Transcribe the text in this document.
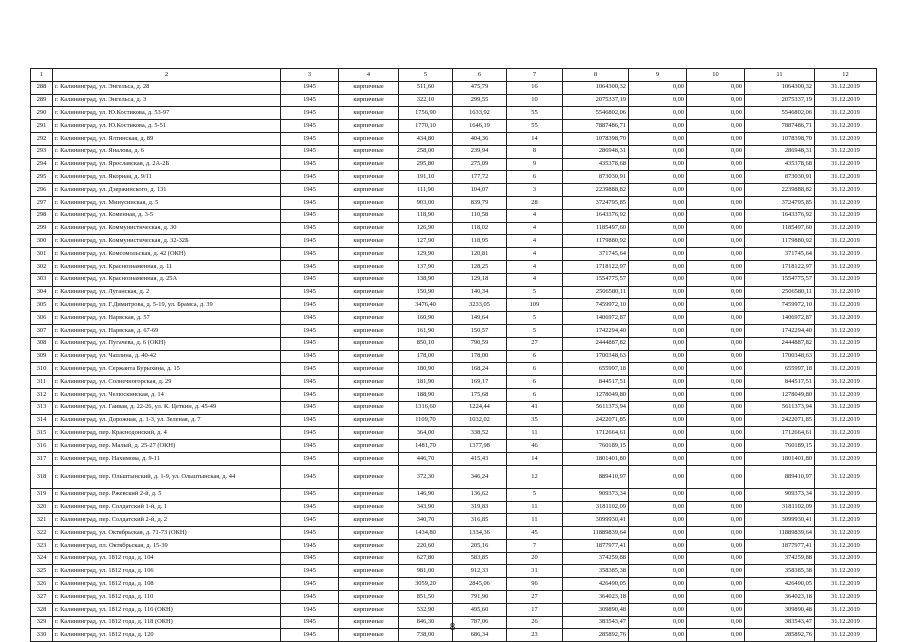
1	2	3	4	5	6	7	8	9	10	11	12
288	г. Калининград, ул. Энгельса, д. 28	1945	кирпичные	511,60	475,79	16	1064300,32	0,00	0,00	1064300,32	31.12.2019
289	г. Калининград, ул. Энгельса, д. 3	1945	кирпичные	322,10	299,55	10	2075337,19	0,00	0,00	2075337,19	31.12.2019
290	г. Калининград, ул. Ю.Костикова, д. 53-97	1945	кирпичные	1756,90	1633,92	55	5546802,06	0,00	0,00	5546802,06	31.12.2019
291	г. Калининград, ул. Ю.Костикова, д. 5-51	1945	кирпичные	1770,10	1646,19	55	7887486,71	0,00	0,00	7887486,71	31.12.2019
292	г. Калининград, ул. Ялтинская, д. 89	1945	кирпичные	434,80	404,36	14	1078398,70	0,00	0,00	1078398,70	31.12.2019
293	г. Калининград, ул. Яналова, д. 6	1945	кирпичные	258,00	239,94	8	286948,31	0,00	0,00	286948,31	31.12.2019
294	г. Калининград, ул. Ярославская, д. 2А-2Б	1945	кирпичные	295,80	275,09	9	435378,68	0,00	0,00	435378,68	31.12.2019
295	г. Калининград, ул. Якорная, д. 9/11	1945	кирпичные	191,10	177,72	6	873030,91	0,00	0,00	873030,91	31.12.2019
296	г. Калининград, ул. Дзержинского, д. 131	1945	кирпичные	111,90	104,07	3	2239888,82	0,00	0,00	2239888,82	31.12.2019
297	г. Калининград, ул. Минусинская, д. 5	1945	кирпичные	903,00	839,79	28	3724795,85	0,00	0,00	3724795,85	31.12.2019
298	г. Калининград, ул. Коменная, д. 3-5	1945	кирпичные	118,90	110,58	4	1643376,92	0,00	0,00	1643376,92	31.12.2019
299	г. Калининград, ул. Коммунистическая, д. 30	1945	кирпичные	126,90	118,02	4	1185497,60	0,00	0,00	1185497,60	31.12.2019
300	г. Калининград, ул. Коммунистическая, д. 32-32Б	1945	кирпичные	127,90	118,95	4	1179880,92	0,00	0,00	1179880,92	31.12.2019
301	г. Калининград, ул. Комсомольская, д. 42 (ОКН)	1945	кирпичные	129,90	120,81	4	371745,64	0,00	0,00	371745,64	31.12.2019
302	г. Калининград, ул. Краснознаменная, д. 11	1945	кирпичные	137,90	128,25	4	1718122,97	0,00	0,00	1718122,97	31.12.2019
303	г. Калининград, ул. Краснознаменная, д. 25А	1945	кирпичные	138,90	129,18	4	1554775,57	0,00	0,00	1554775,57	31.12.2019
304	г. Калининград, ул. Луганская, д. 2	1945	кирпичные	150,90	140,34	5	2506580,11	0,00	0,00	2506580,11	31.12.2019
305	г. Калининград, ул. Г.Димитрова, д. 5-19, ул. Брамса, д. 39	1945	кирпичные	3476,40	3233,05	109	7459972,10	0,00	0,00	7459972,10	31.12.2019
306	г. Калининград, ул. Нарвская, д. 57	1945	кирпичные	160,90	149,64	5	1406972,87	0,00	0,00	1406972,87	31.12.2019
307	г. Калининград, ул. Нарвская, д. 67-69	1945	кирпичные	161,90	150,57	5	1742294,40	0,00	0,00	1742294,40	31.12.2019
308	г. Калининград, ул. Пугачева, д. 6 (ОКН)	1945	кирпичные	850,10	790,59	27	2444887,82	0,00	0,00	2444887,82	31.12.2019
309	г. Калининград, ул. Чаплина, д. 40-42	1945	кирпичные	178,00	178,00	6	1700348,63	0,00	0,00	1700348,63	31.12.2019
310	г. Калининград, ул. Сержанта Бурыхина, д. 15	1945	кирпичные	180,90	168,24	6	655997,18	0,00	0,00	655997,18	31.12.2019
311	г. Калининград, ул. Солнечногорская, д. 29	1945	кирпичные	181,90	169,17	6	844517,51	0,00	0,00	844517,51	31.12.2019
312	г. Калининград, ул. Челюскинская, д. 14	1945	кирпичные	188,90	175,68	6	1278049,80	0,00	0,00	1278049,80	31.12.2019
313	г. Калининград, ул. Гаивая, д. 22-26, ул. К. Цеткин, д. 45-49	1945	кирпичные	1316,60	1224,44	41	5611373,94	0,00	0,00	5611373,94	31.12.2019
314	г. Калининград, ул. Дорожная, д. 1-3, ул. Зеленая, д. 7	1945	кирпичные	1109,70	1032,02	35	2422071,85	0,00	0,00	2422071,85	31.12.2019
315	г. Калининград, пер. Краснодонский, д. 4	1945	кирпичные	364,00	338,52	11	1712664,61	0,00	0,00	1712664,61	31.12.2019
316	г. Калининград, пер. Малый, д. 25-27 (ОКН)	1945	кирпичные	1481,70	1377,98	46	760189,15	0,00	0,00	760189,15	31.12.2019
317	г. Калининград, пер. Нахимова, д. 9-11	1945	кирпичные	446,70	415,43	14	1801401,80	0,00	0,00	1801401,80	31.12.2019
318	г. Калининград, пер. Ольштынский, д. 1-9, ул. Ольштынская, д. 44	1945	кирпичные	372,30	346,24	12	889410,97	0,00	0,00	889410,97	31.12.2019
319	г. Калининград, пер. Ржевский 2-й, д. 5	1945	кирпичные	146,90	136,62	5	909373,34	0,00	0,00	909373,34	31.12.2019
320	г. Калининград, пер. Солдатский 1-й, д. 1	1945	кирпичные	343,90	319,83	11	3181102,09	0,00	0,00	3181102,09	31.12.2019
321	г. Калининград, пер. Солдатский 2-й, д. 2	1945	кирпичные	340,70	316,85	11	3099930,41	0,00	0,00	3099930,41	31.12.2019
322	г. Калининград, ул. Октябрьская, д. 71-73 (ОКН)	1945	кирпичные	1434,80	1334,36	45	11889839,64	0,00	0,00	11889839,64	31.12.2019
323	г. Калининград, пл. Октябрьская, д. 15-39	1945	кирпичные	220,60	205,16	7	1877977,41	0,00	0,00	1877977,41	31.12.2019
324	г. Калининград, ул. 1812 года, д. 104	1945	кирпичные	627,80	583,85	20	374259,88	0,00	0,00	374259,88	31.12.2019
325	г. Калининград, ул. 1812 года, д. 106	1945	кирпичные	981,00	912,33	31	358385,38	0,00	0,00	358385,38	31.12.2019
326	г. Калининград, ул. 1812 года, д. 108	1945	кирпичные	3059,20	2845,06	96	426490,05	0,00	0,00	426490,05	31.12.2019
327	г. Калининград, ул. 1812 года, д. 110	1945	кирпичные	851,50	791,90	27	364023,18	0,00	0,00	364023,18	31.12.2019
328	г. Калининград, ул. 1812 года, д. 116 (ОКН)	1945	кирпичные	532,90	495,60	17	309890,48	0,00	0,00	309890,48	31.12.2019
329	г. Калининград, ул. 1812 года, д. 118 (ОКН)	1945	кирпичные	846,30	787,06	26	383543,47	0,00	0,00	383543,47	31.12.2019
330	г. Калининград, ул. 1812 года, д. 120	1945	кирпичные	738,00	686,34	23	285892,76	0,00	0,00	285892,76	31.12.2019
8
